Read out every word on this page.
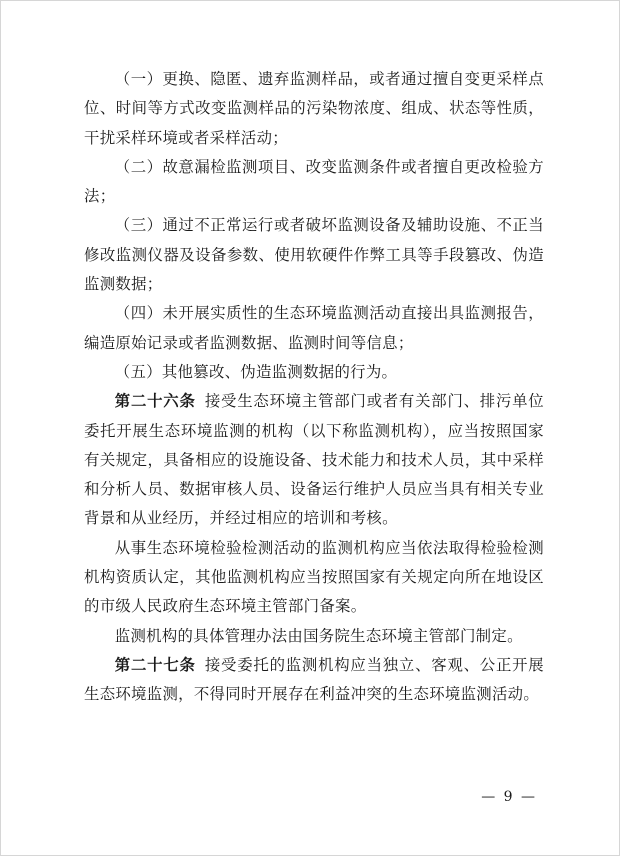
（一）更换、隐匿、遗弃监测样品，或者通过擅自变更采样点位、时间等方式改变监测样品的污染物浓度、组成、状态等性质，干扰采样环境或者采样活动；

（二）故意漏检监测项目、改变监测条件或者擅自更改检验方法；

（三）通过不正常运行或者破坏监测设备及辅助设施、不正当修改监测仪器及设备参数、使用软硬件作弊工具等手段篡改、伪造监测数据；

（四）未开展实质性的生态环境监测活动直接出具监测报告，编造原始记录或者监测数据、监测时间等信息；

（五）其他篡改、伪造监测数据的行为。

第二十六条 接受生态环境主管部门或者有关部门、排污单位委托开展生态环境监测的机构（以下称监测机构），应当按照国家有关规定，具备相应的设施设备、技术能力和技术人员，其中采样和分析人员、数据审核人员、设备运行维护人员应当具有相关专业背景和从业经历，并经过相应的培训和考核。

从事生态环境检验检测活动的监测机构应当依法取得检验检测机构资质认定，其他监测机构应当按照国家有关规定向所在地设区的市级人民政府生态环境主管部门备案。

监测机构的具体管理办法由国务院生态环境主管部门制定。

第二十七条 接受委托的监测机构应当独立、客观、公正开展生态环境监测，不得同时开展存在利益冲突的生态环境监测活动。

— 9 —
